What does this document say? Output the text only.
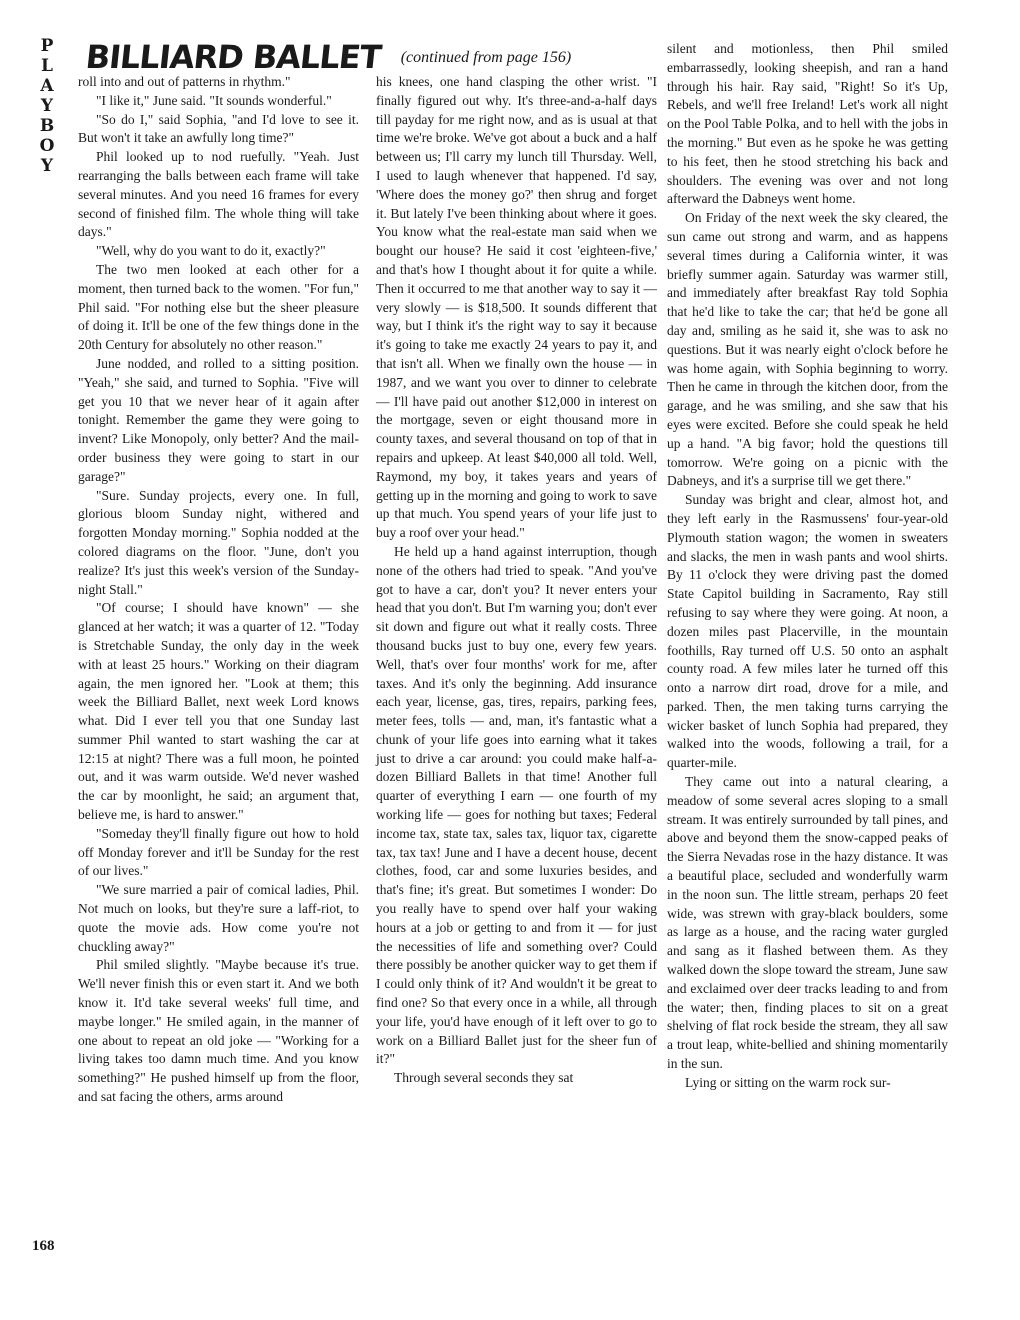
P
L
A
Y
B
O
Y
BILLIARD BALLET (continued from page 156)

roll into and out of patterns in rhythm."

"I like it," June said. "It sounds wonderful."

"So do I," said Sophia, "and I'd love to see it. But won't it take an awfully long time?"

Phil looked up to nod ruefully. "Yeah. Just rearranging the balls between each frame will take several minutes. And you need 16 frames for every second of finished film. The whole thing will take days."

"Well, why do you want to do it, exactly?"

The two men looked at each other for a moment, then turned back to the women. "For fun," Phil said. "For nothing else but the sheer pleasure of doing it. It'll be one of the few things done in the 20th Century for absolutely no other reason."

June nodded, and rolled to a sitting position. "Yeah," she said, and turned to Sophia. "Five will get you 10 that we never hear of it again after tonight. Remember the game they were going to invent? Like Monopoly, only better? And the mail-order business they were going to start in our garage?"

"Sure. Sunday projects, every one. In full, glorious bloom Sunday night, withered and forgotten Monday morning." Sophia nodded at the colored diagrams on the floor. "June, don't you realize? It's just this week's version of the Sunday-night Stall."

"Of course; I should have known" — she glanced at her watch; it was a quarter of 12. "Today is Stretchable Sunday, the only day in the week with at least 25 hours." Working on their diagram again, the men ignored her. "Look at them; this week the Billiard Ballet, next week Lord knows what. Did I ever tell you that one Sunday last summer Phil wanted to start washing the car at 12:15 at night? There was a full moon, he pointed out, and it was warm outside. We'd never washed the car by moonlight, he said; an argument that, believe me, is hard to answer."

"Someday they'll finally figure out how to hold off Monday forever and it'll be Sunday for the rest of our lives."

"We sure married a pair of comical ladies, Phil. Not much on looks, but they're sure a laff-riot, to quote the movie ads. How come you're not chuckling away?"

Phil smiled slightly. "Maybe because it's true. We'll never finish this or even start it. And we both know it. It'd take several weeks' full time, and maybe longer." He smiled again, in the manner of one about to repeat an old joke — "Working for a living takes too damn much time. And you know something?" He pushed himself up from the floor, and sat facing the others, arms around

his knees, one hand clasping the other wrist. "I finally figured out why. It's three-and-a-half days till payday for me right now, and as is usual at that time we're broke. We've got about a buck and a half between us; I'll carry my lunch till Thursday. Well, I used to laugh whenever that happened. I'd say, 'Where does the money go?' then shrug and forget it. But lately I've been thinking about where it goes. You know what the real-estate man said when we bought our house? He said it cost 'eighteen-five,' and that's how I thought about it for quite a while. Then it occurred to me that another way to say it — very slowly — is $18,500. It sounds different that way, but I think it's the right way to say it because it's going to take me exactly 24 years to pay it, and that isn't all. When we finally own the house — in 1987, and we want you over to dinner to celebrate — I'll have paid out another $12,000 in interest on the mortgage, seven or eight thousand more in county taxes, and several thousand on top of that in repairs and upkeep. At least $40,000 all told. Well, Raymond, my boy, it takes years and years of getting up in the morning and going to work to save up that much. You spend years of your life just to buy a roof over your head."

He held up a hand against interruption, though none of the others had tried to speak. "And you've got to have a car, don't you? It never enters your head that you don't. But I'm warning you; don't ever sit down and figure out what it really costs. Three thousand bucks just to buy one, every few years. Well, that's over four months' work for me, after taxes. And it's only the beginning. Add insurance each year, license, gas, tires, repairs, parking fees, meter fees, tolls — and, man, it's fantastic what a chunk of your life goes into earning what it takes just to drive a car around: you could make half-a-dozen Billiard Ballets in that time! Another full quarter of everything I earn — one fourth of my working life — goes for nothing but taxes; Federal income tax, state tax, sales tax, liquor tax, cigarette tax, tax tax! June and I have a decent house, decent clothes, food, car and some luxuries besides, and that's fine; it's great. But sometimes I wonder: Do you really have to spend over half your waking hours at a job or getting to and from it — for just the necessities of life and something over? Could there possibly be another quicker way to get them if I could only think of it? And wouldn't it be great to find one? So that every once in a while, all through your life, you'd have enough of it left over to go to work on a Billiard Ballet just for the sheer fun of it?"

Through several seconds they sat

silent and motionless, then Phil smiled embarrassedly, looking sheepish, and ran a hand through his hair. Ray said, "Right! So it's Up, Rebels, and we'll free Ireland! Let's work all night on the Pool Table Polka, and to hell with the jobs in the morning." But even as he spoke he was getting to his feet, then he stood stretching his back and shoulders. The evening was over and not long afterward the Dabneys went home.

On Friday of the next week the sky cleared, the sun came out strong and warm, and as happens several times during a California winter, it was briefly summer again. Saturday was warmer still, and immediately after breakfast Ray told Sophia that he'd like to take the car; that he'd be gone all day and, smiling as he said it, she was to ask no questions. But it was nearly eight o'clock before he was home again, with Sophia beginning to worry. Then he came in through the kitchen door, from the garage, and he was smiling, and she saw that his eyes were excited. Before she could speak he held up a hand. "A big favor; hold the questions till tomorrow. We're going on a picnic with the Dabneys, and it's a surprise till we get there."

Sunday was bright and clear, almost hot, and they left early in the Rasmussens' four-year-old Plymouth station wagon; the women in sweaters and slacks, the men in wash pants and wool shirts. By 11 o'clock they were driving past the domed State Capitol building in Sacramento, Ray still refusing to say where they were going. At noon, a dozen miles past Placerville, in the mountain foothills, Ray turned off U.S. 50 onto an asphalt county road. A few miles later he turned off this onto a narrow dirt road, drove for a mile, and parked. Then, the men taking turns carrying the wicker basket of lunch Sophia had prepared, they walked into the woods, following a trail, for a quarter-mile.

They came out into a natural clearing, a meadow of some several acres sloping to a small stream. It was entirely surrounded by tall pines, and above and beyond them the snow-capped peaks of the Sierra Nevadas rose in the hazy distance. It was a beautiful place, secluded and wonderfully warm in the noon sun. The little stream, perhaps 20 feet wide, was strewn with gray-black boulders, some as large as a house, and the racing water gurgled and sang as it flashed between them. As they walked down the slope toward the stream, June saw and exclaimed over deer tracks leading to and from the water; then, finding places to sit on a great shelving of flat rock beside the stream, they all saw a trout leap, white-bellied and shining momentarily in the sun.

Lying or sitting on the warm rock sur-

168
